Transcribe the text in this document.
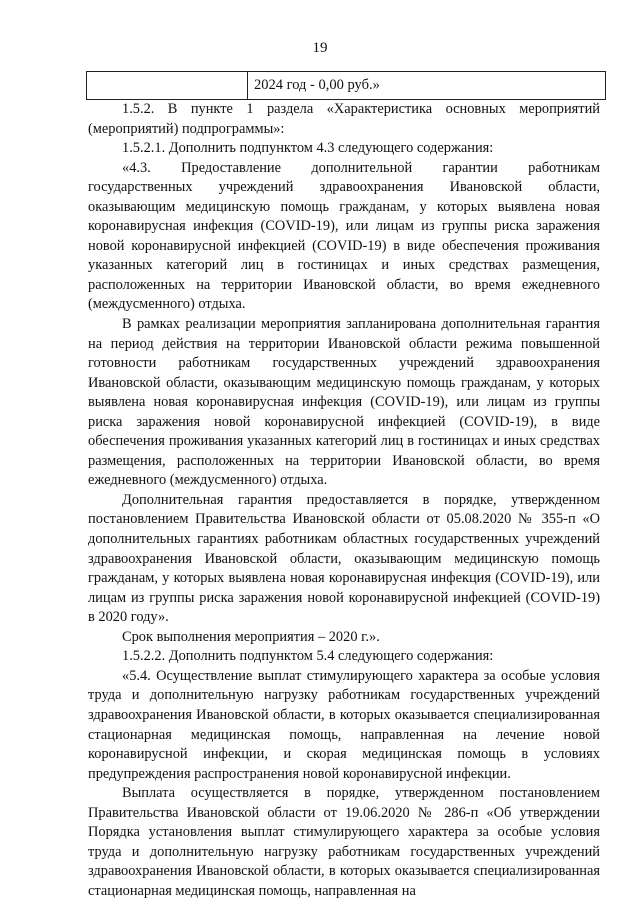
19
	2024 год - 0,00 руб.»

1.5.2. В пункте 1 раздела «Характеристика основных мероприятий (мероприятий) подпрограммы»:

1.5.2.1. Дополнить подпунктом 4.3 следующего содержания:

«4.3. Предоставление дополнительной гарантии работникам государственных учреждений здравоохранения Ивановской области, оказывающим медицинскую помощь гражданам, у которых выявлена новая коронавирусная инфекция (COVID-19), или лицам из группы риска заражения новой коронавирусной инфекцией (COVID-19) в виде обеспечения проживания указанных категорий лиц в гостиницах и иных средствах размещения, расположенных на территории Ивановской области, во время ежедневного (междусменного) отдыха.

В рамках реализации мероприятия запланирована дополнительная гарантия на период действия на территории Ивановской области режима повышенной готовности работникам государственных учреждений здравоохранения Ивановской области, оказывающим медицинскую помощь гражданам, у которых выявлена новая коронавирусная инфекция (COVID-19), или лицам из группы риска заражения новой коронавирусной инфекцией (COVID-19), в виде обеспечения проживания указанных категорий лиц в гостиницах и иных средствах размещения, расположенных на территории Ивановской области, во время ежедневного (междусменного) отдыха.

Дополнительная гарантия предоставляется в порядке, утвержденном постановлением Правительства Ивановской области от 05.08.2020 № 355-п «О дополнительных гарантиях работникам областных государственных учреждений здравоохранения Ивановской области, оказывающим медицинскую помощь гражданам, у которых выявлена новая коронавирусная инфекция (COVID-19), или лицам из группы риска заражения новой коронавирусной инфекцией (COVID-19) в 2020 году».

Срок выполнения мероприятия – 2020 г.».

1.5.2.2. Дополнить подпунктом 5.4 следующего содержания:

«5.4. Осуществление выплат стимулирующего характера за особые условия труда и дополнительную нагрузку работникам государственных учреждений здравоохранения Ивановской области, в которых оказывается специализированная стационарная медицинская помощь, направленная на лечение новой коронавирусной инфекции, и скорая медицинская помощь в условиях предупреждения распространения новой коронавирусной инфекции.

Выплата осуществляется в порядке, утвержденном постановлением Правительства Ивановской области от 19.06.2020 № 286-п «Об утверждении Порядка установления выплат стимулирующего характера за особые условия труда и дополнительную нагрузку работникам государственных учреждений здравоохранения Ивановской области, в которых оказывается специализированная стационарная медицинская помощь, направленная на
